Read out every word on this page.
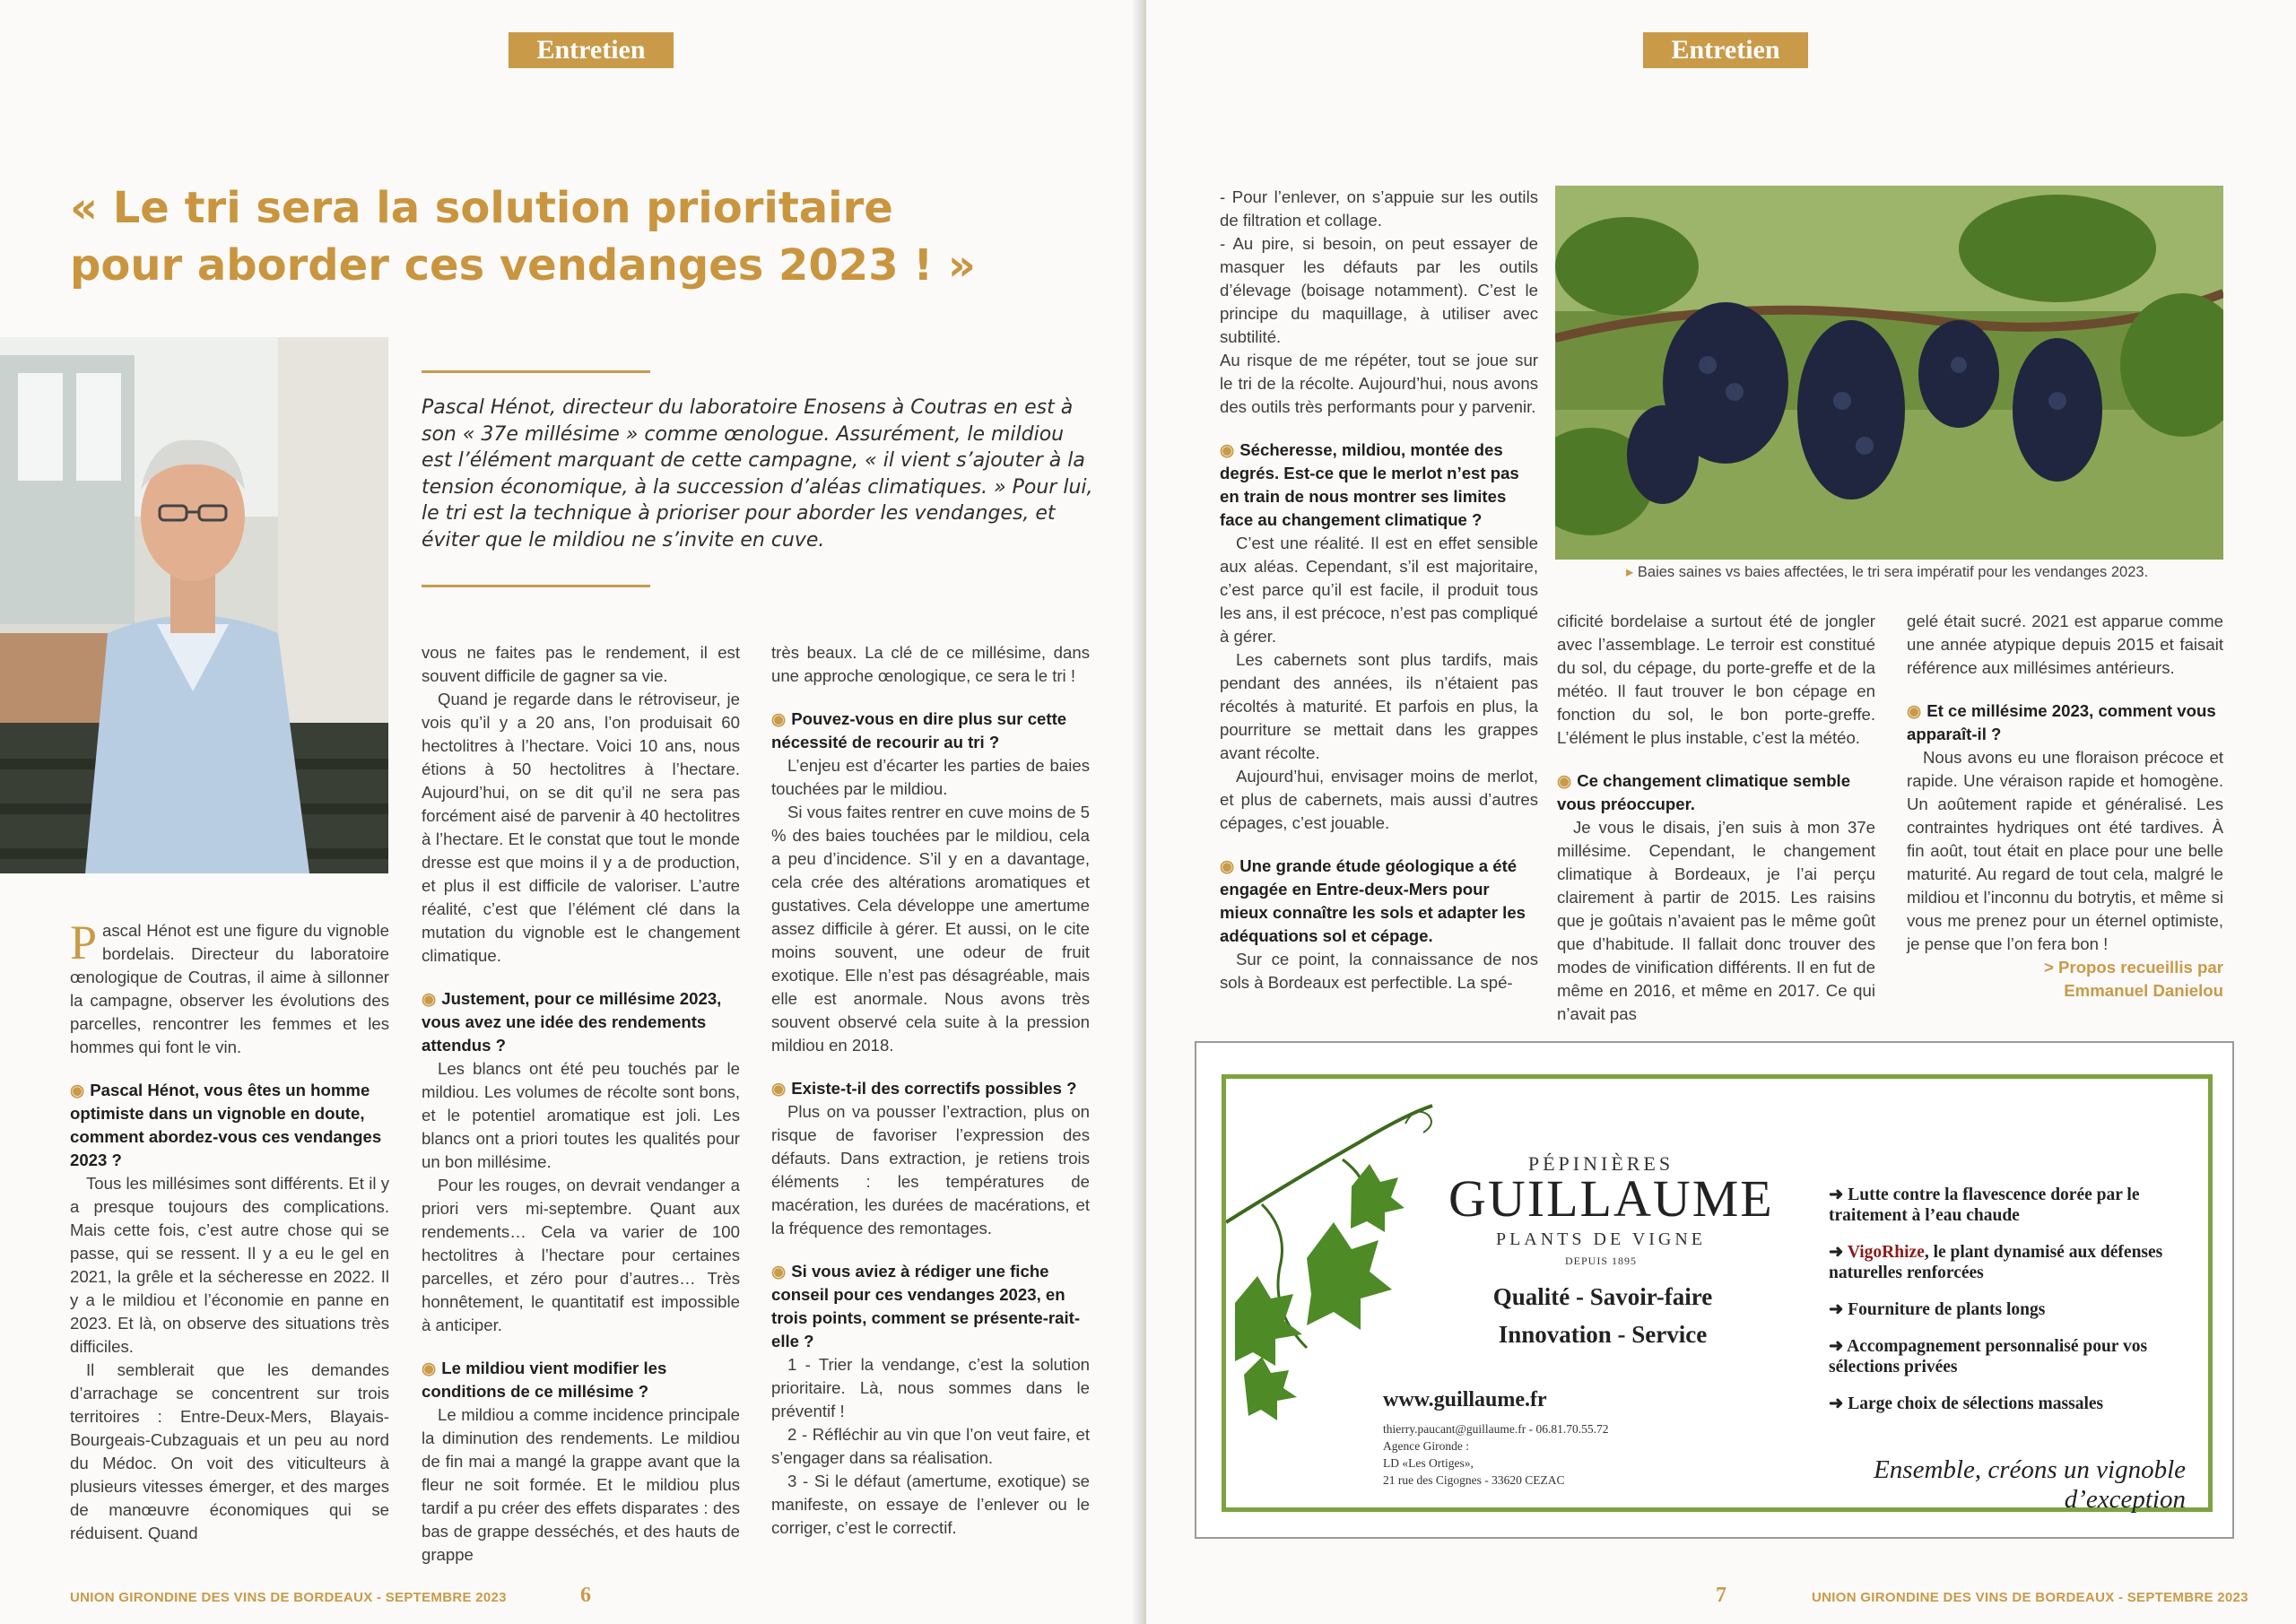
Entretien
« Le tri sera la solution prioritaire
pour aborder ces vendanges 2023 ! »
Pascal Hénot, directeur du laboratoire Enosens à Coutras en est à son « 37e millésime » comme œnologue. Assurément, le mildiou est l’élément marquant de cette campagne, « il vient s’ajouter à la tension économique, à la succession d’aléas climatiques. » Pour lui, le tri est la technique à prioriser pour aborder les vendanges, et éviter que le mildiou ne s’invite en cuve.

Pascal Hénot est une figure du vignoble bordelais. Directeur du laboratoire œnologique de Coutras, il aime à sillonner la campagne, observer les évolutions des parcelles, rencontrer les femmes et les hommes qui font le vin.

◉ Pascal Hénot, vous êtes un homme optimiste dans un vignoble en doute, comment abordez-vous ces vendanges 2023 ?

Tous les millésimes sont différents. Et il y a presque toujours des complications. Mais cette fois, c’est autre chose qui se passe, qui se ressent. Il y a eu le gel en 2021, la grêle et la sécheresse en 2022. Il y a le mildiou et l’économie en panne en 2023. Et là, on observe des situations très difficiles.

Il semblerait que les demandes d’arrachage se concentrent sur trois territoires : Entre-Deux-Mers, Blayais-Bourgeais-Cubzaguais et un peu au nord du Médoc. On voit des viticulteurs à plusieurs vitesses émerger, et des marges de manœuvre économiques qui se réduisent. Quand

vous ne faites pas le rendement, il est souvent difficile de gagner sa vie.

Quand je regarde dans le rétroviseur, je vois qu’il y a 20 ans, l’on produisait 60 hectolitres à l’hectare. Voici 10 ans, nous étions à 50 hectolitres à l’hectare. Aujourd’hui, on se dit qu’il ne sera pas forcément aisé de parvenir à 40 hectolitres à l’hectare. Et le constat que tout le monde dresse est que moins il y a de production, et plus il est difficile de valoriser. L’autre réalité, c’est que l’élément clé dans la mutation du vignoble est le changement climatique.

◉ Justement, pour ce millésime 2023, vous avez une idée des rendements attendus ?

Les blancs ont été peu touchés par le mildiou. Les volumes de récolte sont bons, et le potentiel aromatique est joli. Les blancs ont a priori toutes les qualités pour un bon millésime.

Pour les rouges, on devrait vendanger a priori vers mi-septembre. Quant aux rendements… Cela va varier de 100 hectolitres à l’hectare pour certaines parcelles, et zéro pour d’autres… Très honnêtement, le quantitatif est impossible à anticiper.

◉ Le mildiou vient modifier les conditions de ce millésime ?

Le mildiou a comme incidence principale la diminution des rendements. Le mildiou de fin mai a mangé la grappe avant que la fleur ne soit formée. Et le mildiou plus tardif a pu créer des effets disparates : des bas de grappe desséchés, et des hauts de grappe

très beaux. La clé de ce millésime, dans une approche œnologique, ce sera le tri !

◉ Pouvez-vous en dire plus sur cette nécessité de recourir au tri ?

L’enjeu est d’écarter les parties de baies touchées par le mildiou.

Si vous faites rentrer en cuve moins de 5 % des baies touchées par le mildiou, cela a peu d’incidence. S’il y en a davantage, cela crée des altérations aromatiques et gustatives. Cela développe une amertume assez difficile à gérer. Et aussi, on le cite moins souvent, une odeur de fruit exotique. Elle n’est pas désagréable, mais elle est anormale. Nous avons très souvent observé cela suite à la pression mildiou en 2018.

◉ Existe-t-il des correctifs possibles ?

Plus on va pousser l’extraction, plus on risque de favoriser l’expression des défauts. Dans extraction, je retiens trois éléments : les températures de macération, les durées de macérations, et la fréquence des remontages.

◉ Si vous aviez à rédiger une fiche conseil pour ces vendanges 2023, en trois points, comment se présente-rait-elle ?

1 - Trier la vendange, c’est la solution prioritaire. Là, nous sommes dans le préventif !

2 - Réfléchir au vin que l’on veut faire, et s’engager dans sa réalisation.

3 - Si le défaut (amertume, exotique) se manifeste, on essaye de l’enlever ou le corriger, c’est le correctif.

UNION GIRONDINE DES VINS DE BORDEAUX - SEPTEMBRE 2023	6
Entretien

- Pour l’enlever, on s’appuie sur les outils de filtration et collage.

- Au pire, si besoin, on peut essayer de masquer les défauts par les outils d’élevage (boisage notamment). C’est le principe du maquillage, à utiliser avec subtilité.

Au risque de me répéter, tout se joue sur le tri de la récolte. Aujourd’hui, nous avons des outils très performants pour y parvenir.

◉ Sécheresse, mildiou, montée des degrés. Est-ce que le merlot n’est pas en train de nous montrer ses limites face au changement climatique ?

C’est une réalité. Il est en effet sensible aux aléas. Cependant, s’il est majoritaire, c’est parce qu’il est facile, il produit tous les ans, il est précoce, n’est pas compliqué à gérer.

Les cabernets sont plus tardifs, mais pendant des années, ils n’étaient pas récoltés à maturité. Et parfois en plus, la pourriture se mettait dans les grappes avant récolte.

Aujourd’hui, envisager moins de merlot, et plus de cabernets, mais aussi d’autres cépages, c’est jouable.

◉ Une grande étude géologique a été engagée en Entre-deux-Mers pour mieux connaître les sols et adapter les adéquations sol et cépage.

Sur ce point, la connaissance de nos sols à Bordeaux est perfectible. La spé-

▸ Baies saines vs baies affectées, le tri sera impératif pour les vendanges 2023.

cificité bordelaise a surtout été de jongler avec l’assemblage. Le terroir est constitué du sol, du cépage, du porte-greffe et de la météo. Il faut trouver le bon cépage en fonction du sol, le bon porte-greffe. L’élément le plus instable, c’est la météo.

◉ Ce changement climatique semble vous préoccuper.

Je vous le disais, j’en suis à mon 37e millésime. Cependant, le changement climatique à Bordeaux, je l’ai perçu clairement à partir de 2015. Les raisins que je goûtais n’avaient pas le même goût que d’habitude. Il fallait donc trouver des modes de vinification différents. Il en fut de même en 2016, et même en 2017. Ce qui n’avait pas

gelé était sucré. 2021 est apparue comme une année atypique depuis 2015 et faisait référence aux millésimes antérieurs.

◉ Et ce millésime 2023, comment vous apparaît-il ?

Nous avons eu une floraison précoce et rapide. Une véraison rapide et homogène. Un aoûtement rapide et généralisé. Les contraintes hydriques ont été tardives. À fin août, tout était en place pour une belle maturité. Au regard de tout cela, malgré le mildiou et l’inconnu du botrytis, et même si vous me prenez pour un éternel optimiste, je pense que l’on fera bon !

> Propos recueillis par

Emmanuel Danielou

7	UNION GIRONDINE DES VINS DE BORDEAUX - SEPTEMBRE 2023
PÉPINIÈRES
GUILLAUME
PLANTS DE VIGNE
DEPUIS 1895
Qualité - Savoir-faire
Innovation - Service
www.guillaume.fr
thierry.paucant@guillaume.fr - 06.81.70.55.72
Agence Gironde :
LD «Les Ortiges»,
21 rue des Cigognes - 33620 CEZAC
➜ Lutte contre la flavescence dorée par le traitement à l’eau chaude
➜ VigoRhize, le plant dynamisé aux défenses naturelles renforcées
➜ Fourniture de plants longs
➜ Accompagnement personnalisé pour vos sélections privées
➜ Large choix de sélections massales
Ensemble, créons un vignoble d’exception
